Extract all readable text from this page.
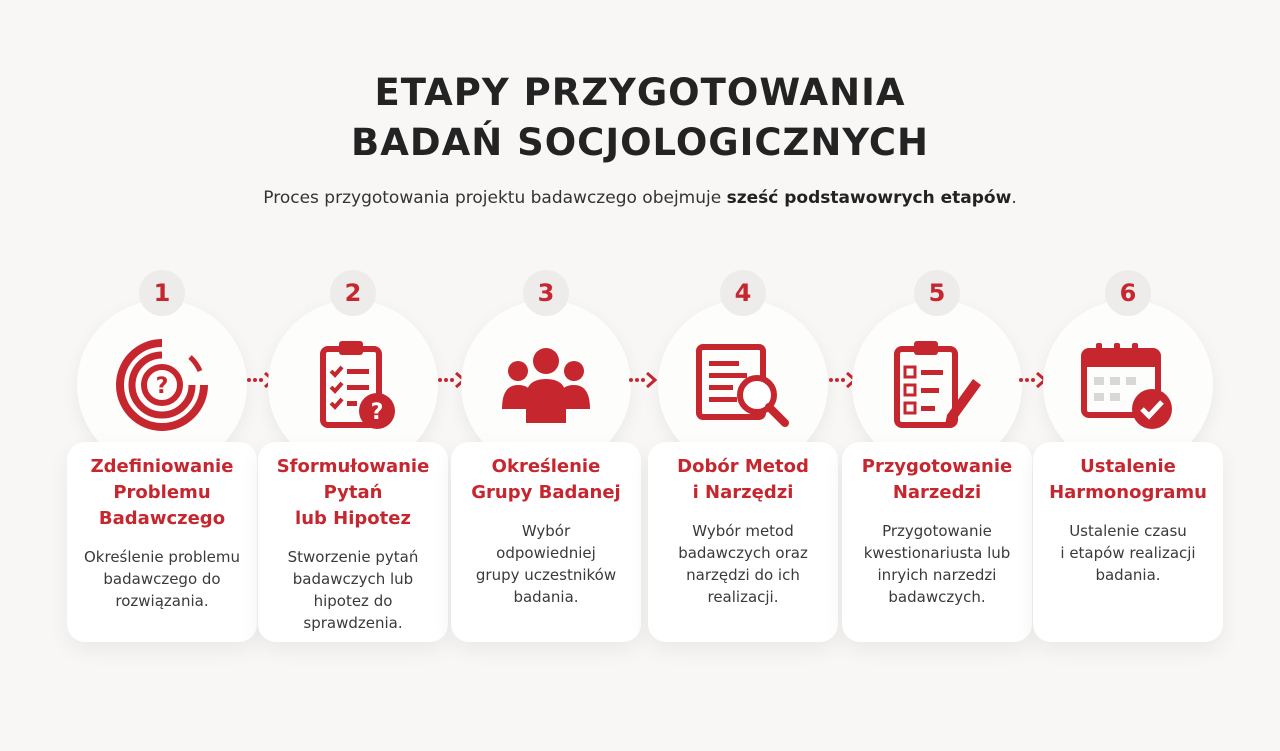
ETAPY PRZYGOTOWANIA
BADAŃ SOCJOLOGICZNYCH

Proces przygotowania projektu badawczego obejmuje sześć podstawowrych etapów.

?
1
Zdefiniowanie
Problemu
Badawczego

Określenie problemu
badawczego do
rozwiązania.

?
2
Sformułowanie
Pytań
lub Hipotez

Stworzenie pytań
badawczych lub
hipotez do
sprawdzenia.

3
Określenie
Grupy Badanej

Wybór
odpowiedniej
grupy uczestników
badania.

4
Dobór Metod
i Narzędzi

Wybór metod
badawczych oraz
narzędzi do ich
realizacji.

5
Przygotowanie
Narzedzi

Przygotowanie
kwestionariusta lub
inryich narzedzi
badawczych.

6
Ustalenie
Harmonogramu

Ustalenie czasu
i etapów realizacji
badania.
